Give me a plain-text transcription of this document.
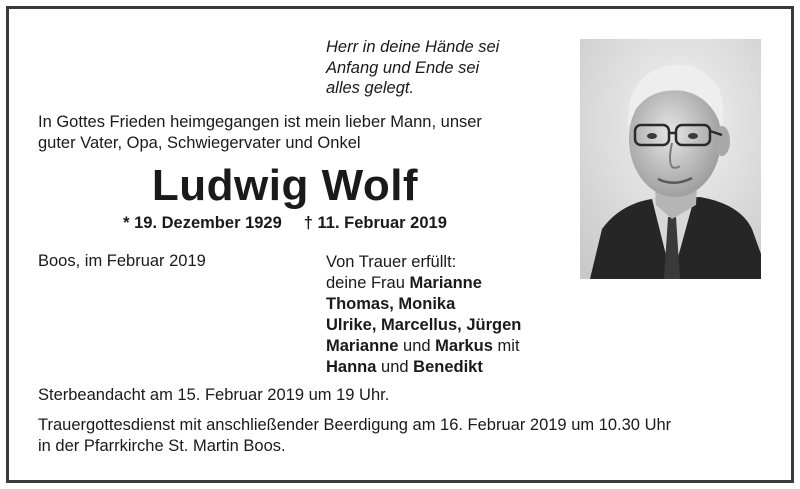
Herr in deine Hände sei
Anfang und Ende sei
alles gelegt.
In Gottes Frieden heimgegangen ist mein lieber Mann, unser
guter Vater, Opa, Schwiegervater und Onkel
Ludwig Wolf
* 19. Dezember 1929 † 11. Februar 2019
Boos, im Februar 2019	Von Trauer erfüllt:
deine Frau Marianne
Thomas, Monika
Ulrike, Marcellus, Jürgen
Marianne und Markus mit
Hanna und Benedikt
Sterbeandacht am 15. Februar 2019 um 19 Uhr.
Trauergottesdienst mit anschließender Beerdigung am 16. Februar 2019 um 10.30 Uhr
in der Pfarrkirche St. Martin Boos.
